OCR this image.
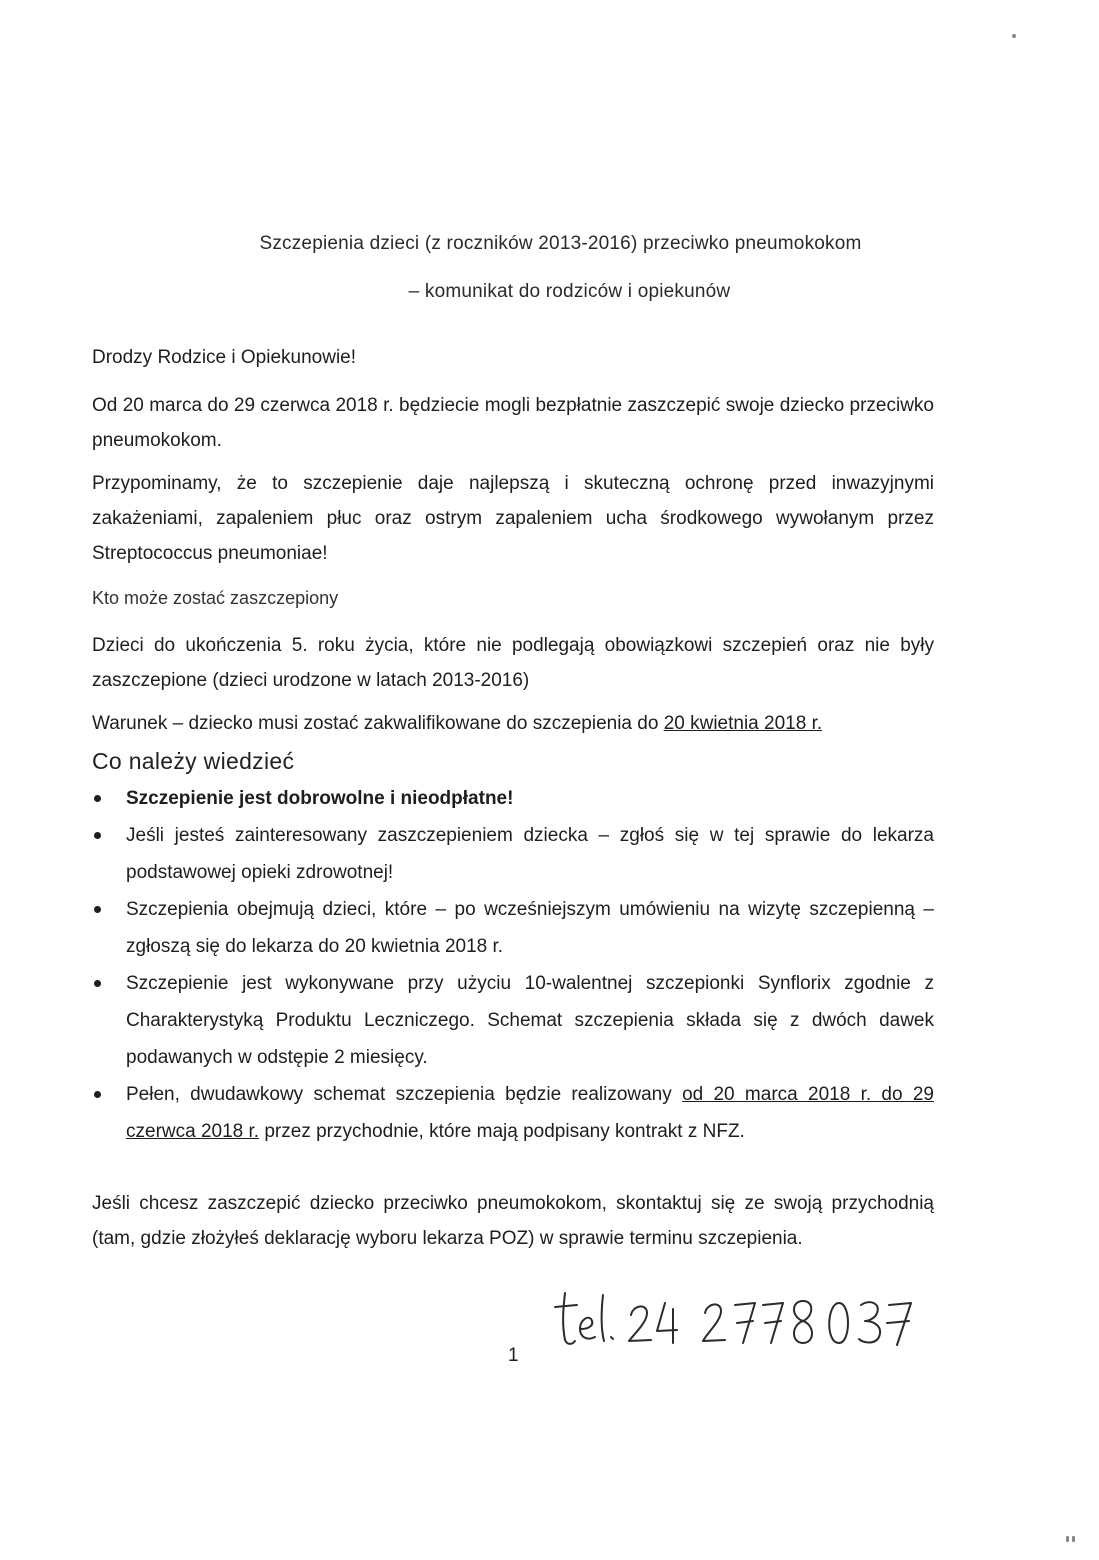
Szczepienia dzieci (z roczników 2013-2016) przeciwko pneumokokom
– komunikat do rodziców i opiekunów
Drodzy Rodzice i Opiekunowie!
Od 20 marca do 29 czerwca 2018 r. będziecie mogli bezpłatnie zaszczepić swoje dziecko przeciwko pneumokokom.
Przypominamy, że to szczepienie daje najlepszą i skuteczną ochronę przed inwazyjnymi zakażeniami, zapaleniem płuc oraz ostrym zapaleniem ucha środkowego wywołanym przez Streptococcus pneumoniae!
Kto może zostać zaszczepiony
Dzieci do ukończenia 5. roku życia, które nie podlegają obowiązkowi szczepień oraz nie były zaszczepione (dzieci urodzone w latach 2013-2016)
Warunek – dziecko musi zostać zakwalifikowane do szczepienia do 20 kwietnia 2018 r.
Co należy wiedzieć
Szczepienie jest dobrowolne i nieodpłatne!
Jeśli jesteś zainteresowany zaszczepieniem dziecka – zgłoś się w tej sprawie do lekarza podstawowej opieki zdrowotnej!
Szczepienia obejmują dzieci, które – po wcześniejszym umówieniu na wizytę szczepienną – zgłoszą się do lekarza do 20 kwietnia 2018 r.
Szczepienie jest wykonywane przy użyciu 10-walentnej szczepionki Synflorix zgodnie z Charakterystyką Produktu Leczniczego. Schemat szczepienia składa się z dwóch dawek podawanych w odstępie 2 miesięcy.
Pełen, dwudawkowy schemat szczepienia będzie realizowany od 20 marca 2018 r. do 29 czerwca 2018 r. przez przychodnie, które mają podpisany kontrakt z NFZ.
Jeśli chcesz zaszczepić dziecko przeciwko pneumokokom, skontaktuj się ze swoją przychodnią (tam, gdzie złożyłeś deklarację wyboru lekarza POZ) w sprawie terminu szczepienia.
1
